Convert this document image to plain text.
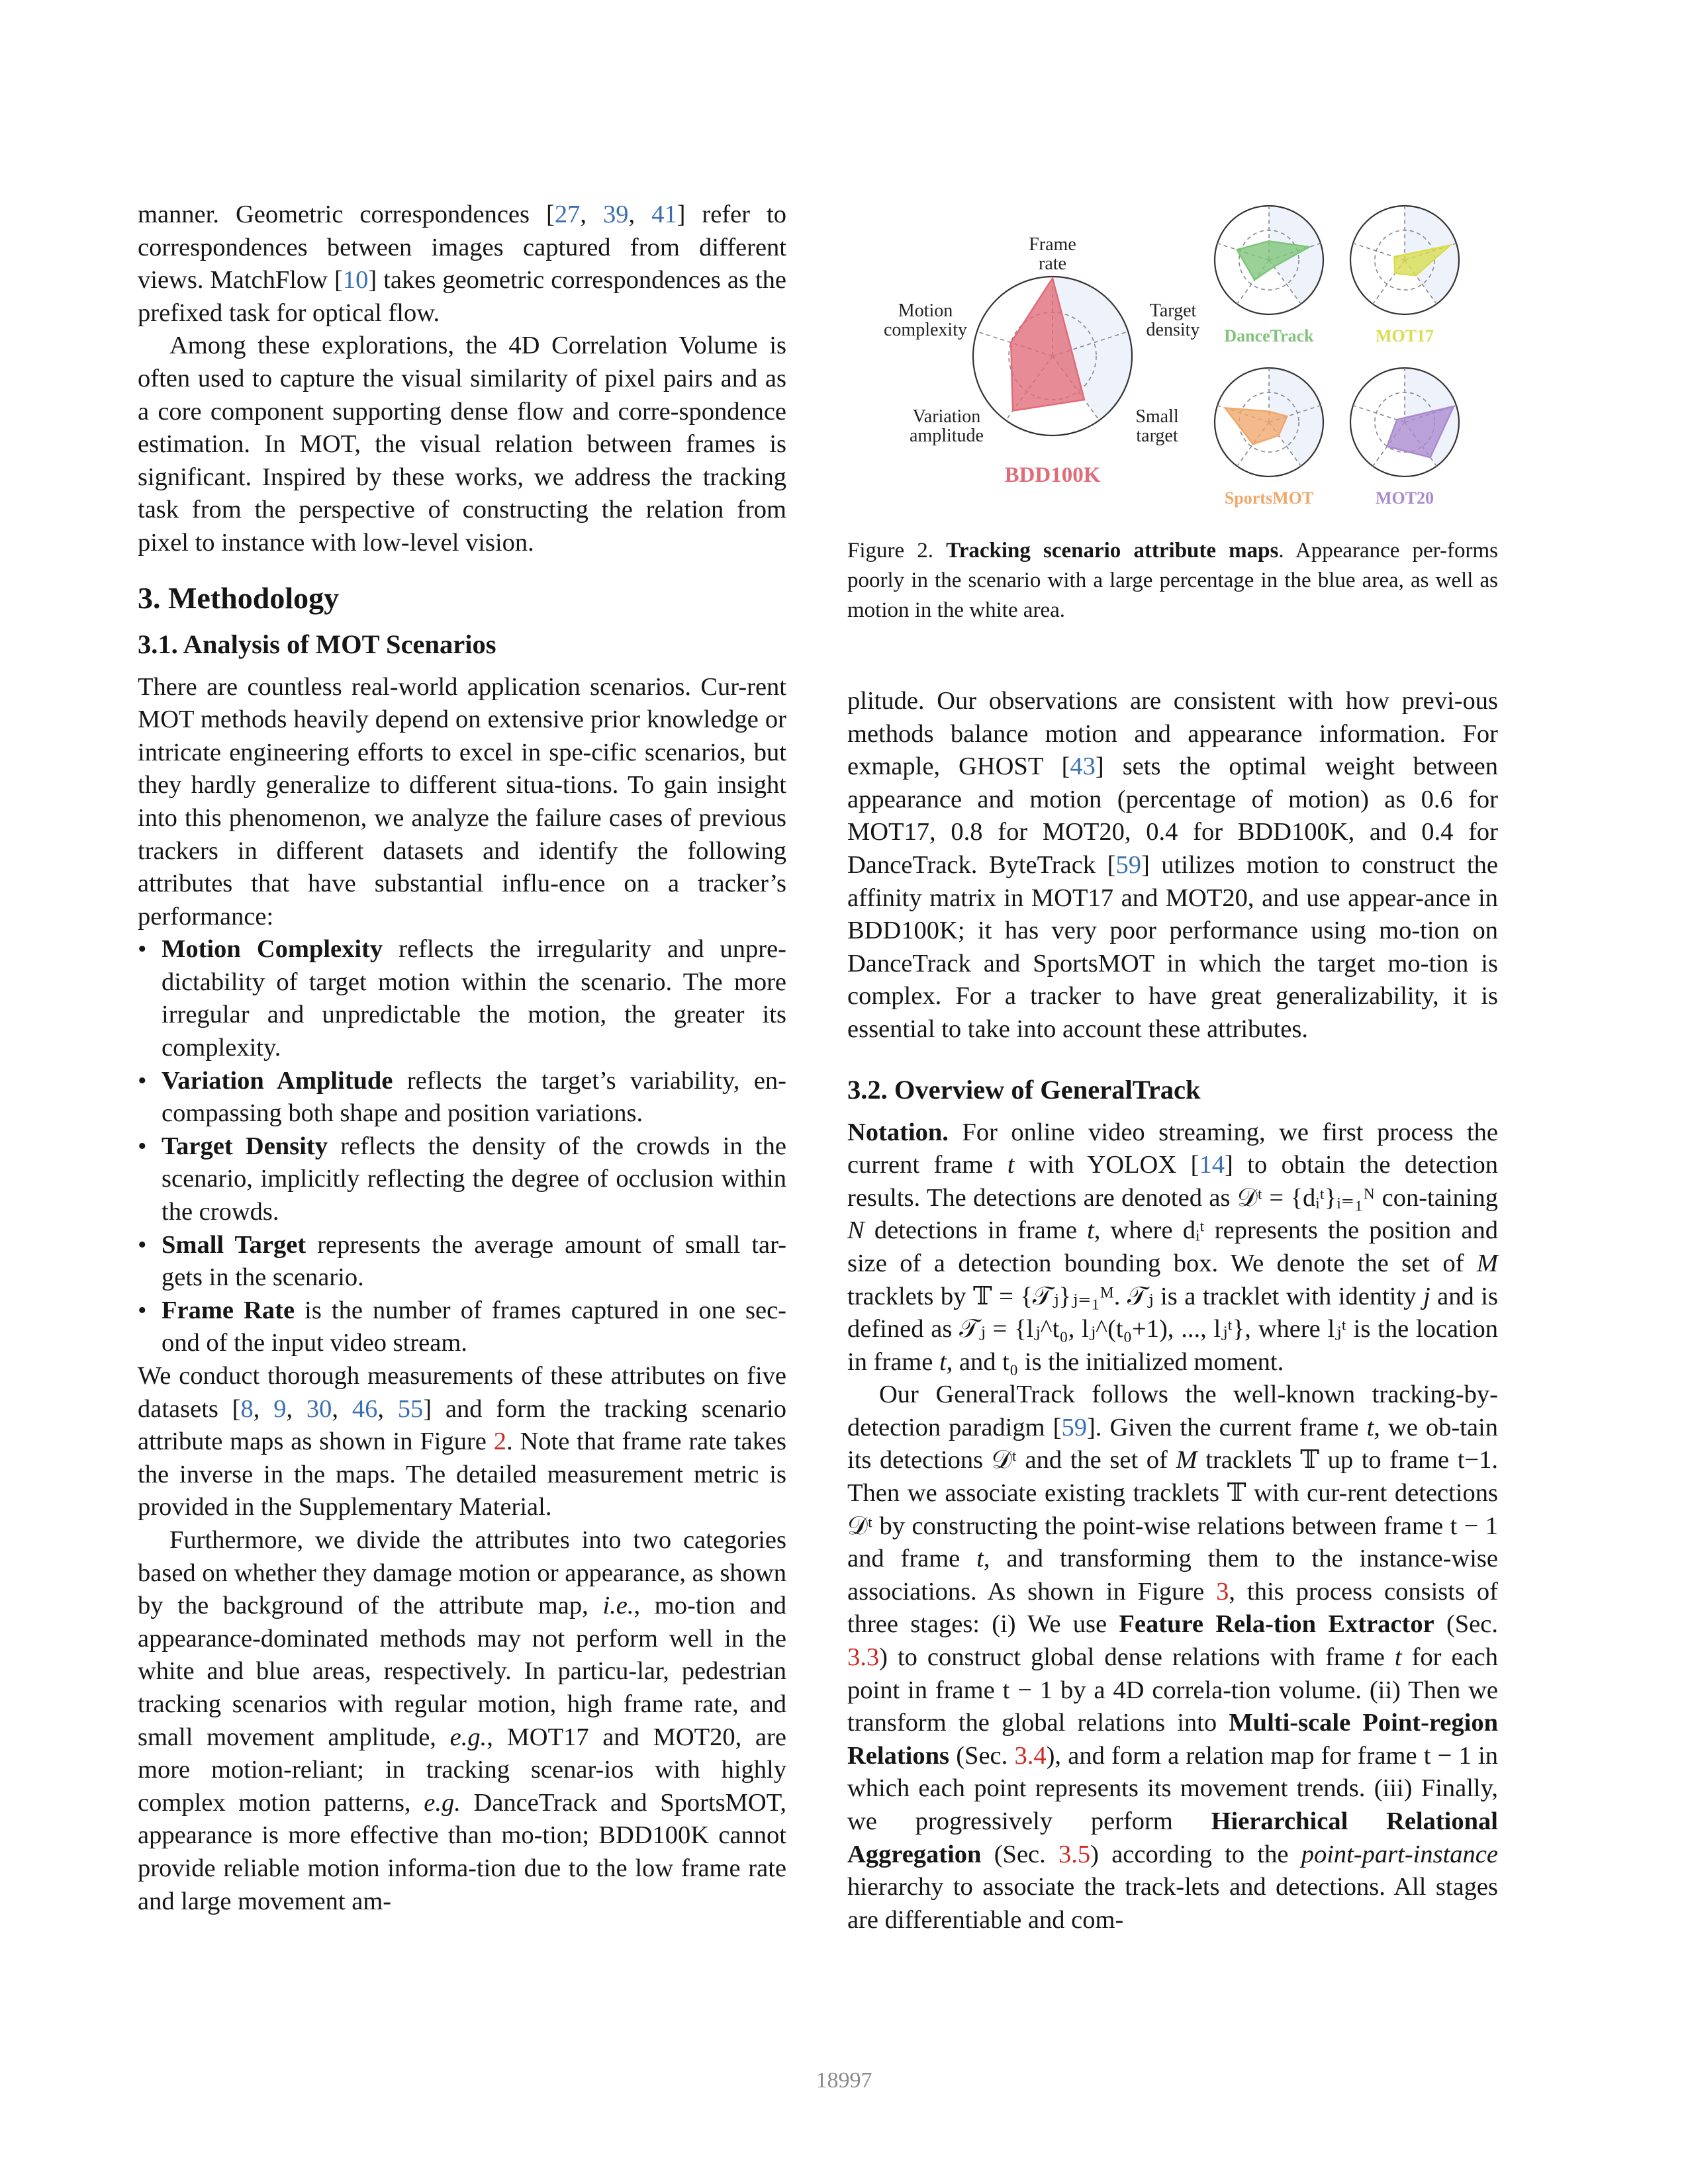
manner. Geometric correspondences [27, 39, 41] refer to correspondences between images captured from different views. MatchFlow [10] takes geometric correspondences as the prefixed task for optical flow.

Among these explorations, the 4D Correlation Volume is often used to capture the visual similarity of pixel pairs and as a core component supporting dense flow and corre-spondence estimation. In MOT, the visual relation between frames is significant. Inspired by these works, we address the tracking task from the perspective of constructing the relation from pixel to instance with low-level vision.

3. Methodology
3.1. Analysis of MOT Scenarios

There are countless real-world application scenarios. Cur-rent MOT methods heavily depend on extensive prior knowledge or intricate engineering efforts to excel in spe-cific scenarios, but they hardly generalize to different situa-tions. To gain insight into this phenomenon, we analyze the failure cases of previous trackers in different datasets and identify the following attributes that have substantial influ-ence on a tracker’s performance:

• Motion Complexity reflects the irregularity and unpre-dictability of target motion within the scenario. The more irregular and unpredictable the motion, the greater its complexity.
• Variation Amplitude reflects the target’s variability, en-compassing both shape and position variations.
• Target Density reflects the density of the crowds in the scenario, implicitly reflecting the degree of occlusion within the crowds.
• Small Target represents the average amount of small tar-gets in the scenario.
• Frame Rate is the number of frames captured in one sec-ond of the input video stream.

We conduct thorough measurements of these attributes on five datasets [8, 9, 30, 46, 55] and form the tracking scenario attribute maps as shown in Figure 2. Note that frame rate takes the inverse in the maps. The detailed measurement metric is provided in the Supplementary Material.

Furthermore, we divide the attributes into two categories based on whether they damage motion or appearance, as shown by the background of the attribute map, i.e., mo-tion and appearance-dominated methods may not perform well in the white and blue areas, respectively. In particu-lar, pedestrian tracking scenarios with regular motion, high frame rate, and small movement amplitude, e.g., MOT17 and MOT20, are more motion-reliant; in tracking scenar-ios with highly complex motion patterns, e.g. DanceTrack and SportsMOT, appearance is more effective than mo-tion; BDD100K cannot provide reliable motion informa-tion due to the low frame rate and large movement am-

BDD100K
DanceTrack	MOT17
SportsMOT	MOT20
Frame
rate
Target
density
Small
target
Variation
amplitude
Motion
complexity
Figure 2. Tracking scenario attribute maps. Appearance per-forms poorly in the scenario with a large percentage in the blue area, as well as motion in the white area.

plitude. Our observations are consistent with how previ-ous methods balance motion and appearance information. For exmaple, GHOST [43] sets the optimal weight between appearance and motion (percentage of motion) as 0.6 for MOT17, 0.8 for MOT20, 0.4 for BDD100K, and 0.4 for DanceTrack. ByteTrack [59] utilizes motion to construct the affinity matrix in MOT17 and MOT20, and use appear-ance in BDD100K; it has very poor performance using mo-tion on DanceTrack and SportsMOT in which the target mo-tion is complex. For a tracker to have great generalizability, it is essential to take into account these attributes.

3.2. Overview of GeneralTrack

Notation. For online video streaming, we first process the current frame t with YOLOX [14] to obtain the detection results. The detections are denoted as 𝒟ᵗ = {dᵢᵗ}ᵢ₌₁ᴺ con-taining N detections in frame t, where dᵢᵗ represents the position and size of a detection bounding box. We denote the set of M tracklets by 𝕋 = {𝒯ⱼ}ⱼ₌₁ᴹ. 𝒯ⱼ is a tracklet with identity j and is defined as 𝒯ⱼ = {lⱼ^t₀, lⱼ^(t₀+1), ..., lⱼᵗ}, where lⱼᵗ is the location in frame t, and t₀ is the initialized moment.

Our GeneralTrack follows the well-known tracking-by-detection paradigm [59]. Given the current frame t, we ob-tain its detections 𝒟ᵗ and the set of M tracklets 𝕋 up to frame t−1. Then we associate existing tracklets 𝕋 with cur-rent detections 𝒟ᵗ by constructing the point-wise relations between frame t − 1 and frame t, and transforming them to the instance-wise associations. As shown in Figure 3, this process consists of three stages: (i) We use Feature Rela-tion Extractor (Sec. 3.3) to construct global dense relations with frame t for each point in frame t − 1 by a 4D correla-tion volume. (ii) Then we transform the global relations into Multi-scale Point-region Relations (Sec. 3.4), and form a relation map for frame t − 1 in which each point represents its movement trends. (iii) Finally, we progressively perform Hierarchical Relational Aggregation (Sec. 3.5) according to the point-part-instance hierarchy to associate the track-lets and detections. All stages are differentiable and com-

18997
